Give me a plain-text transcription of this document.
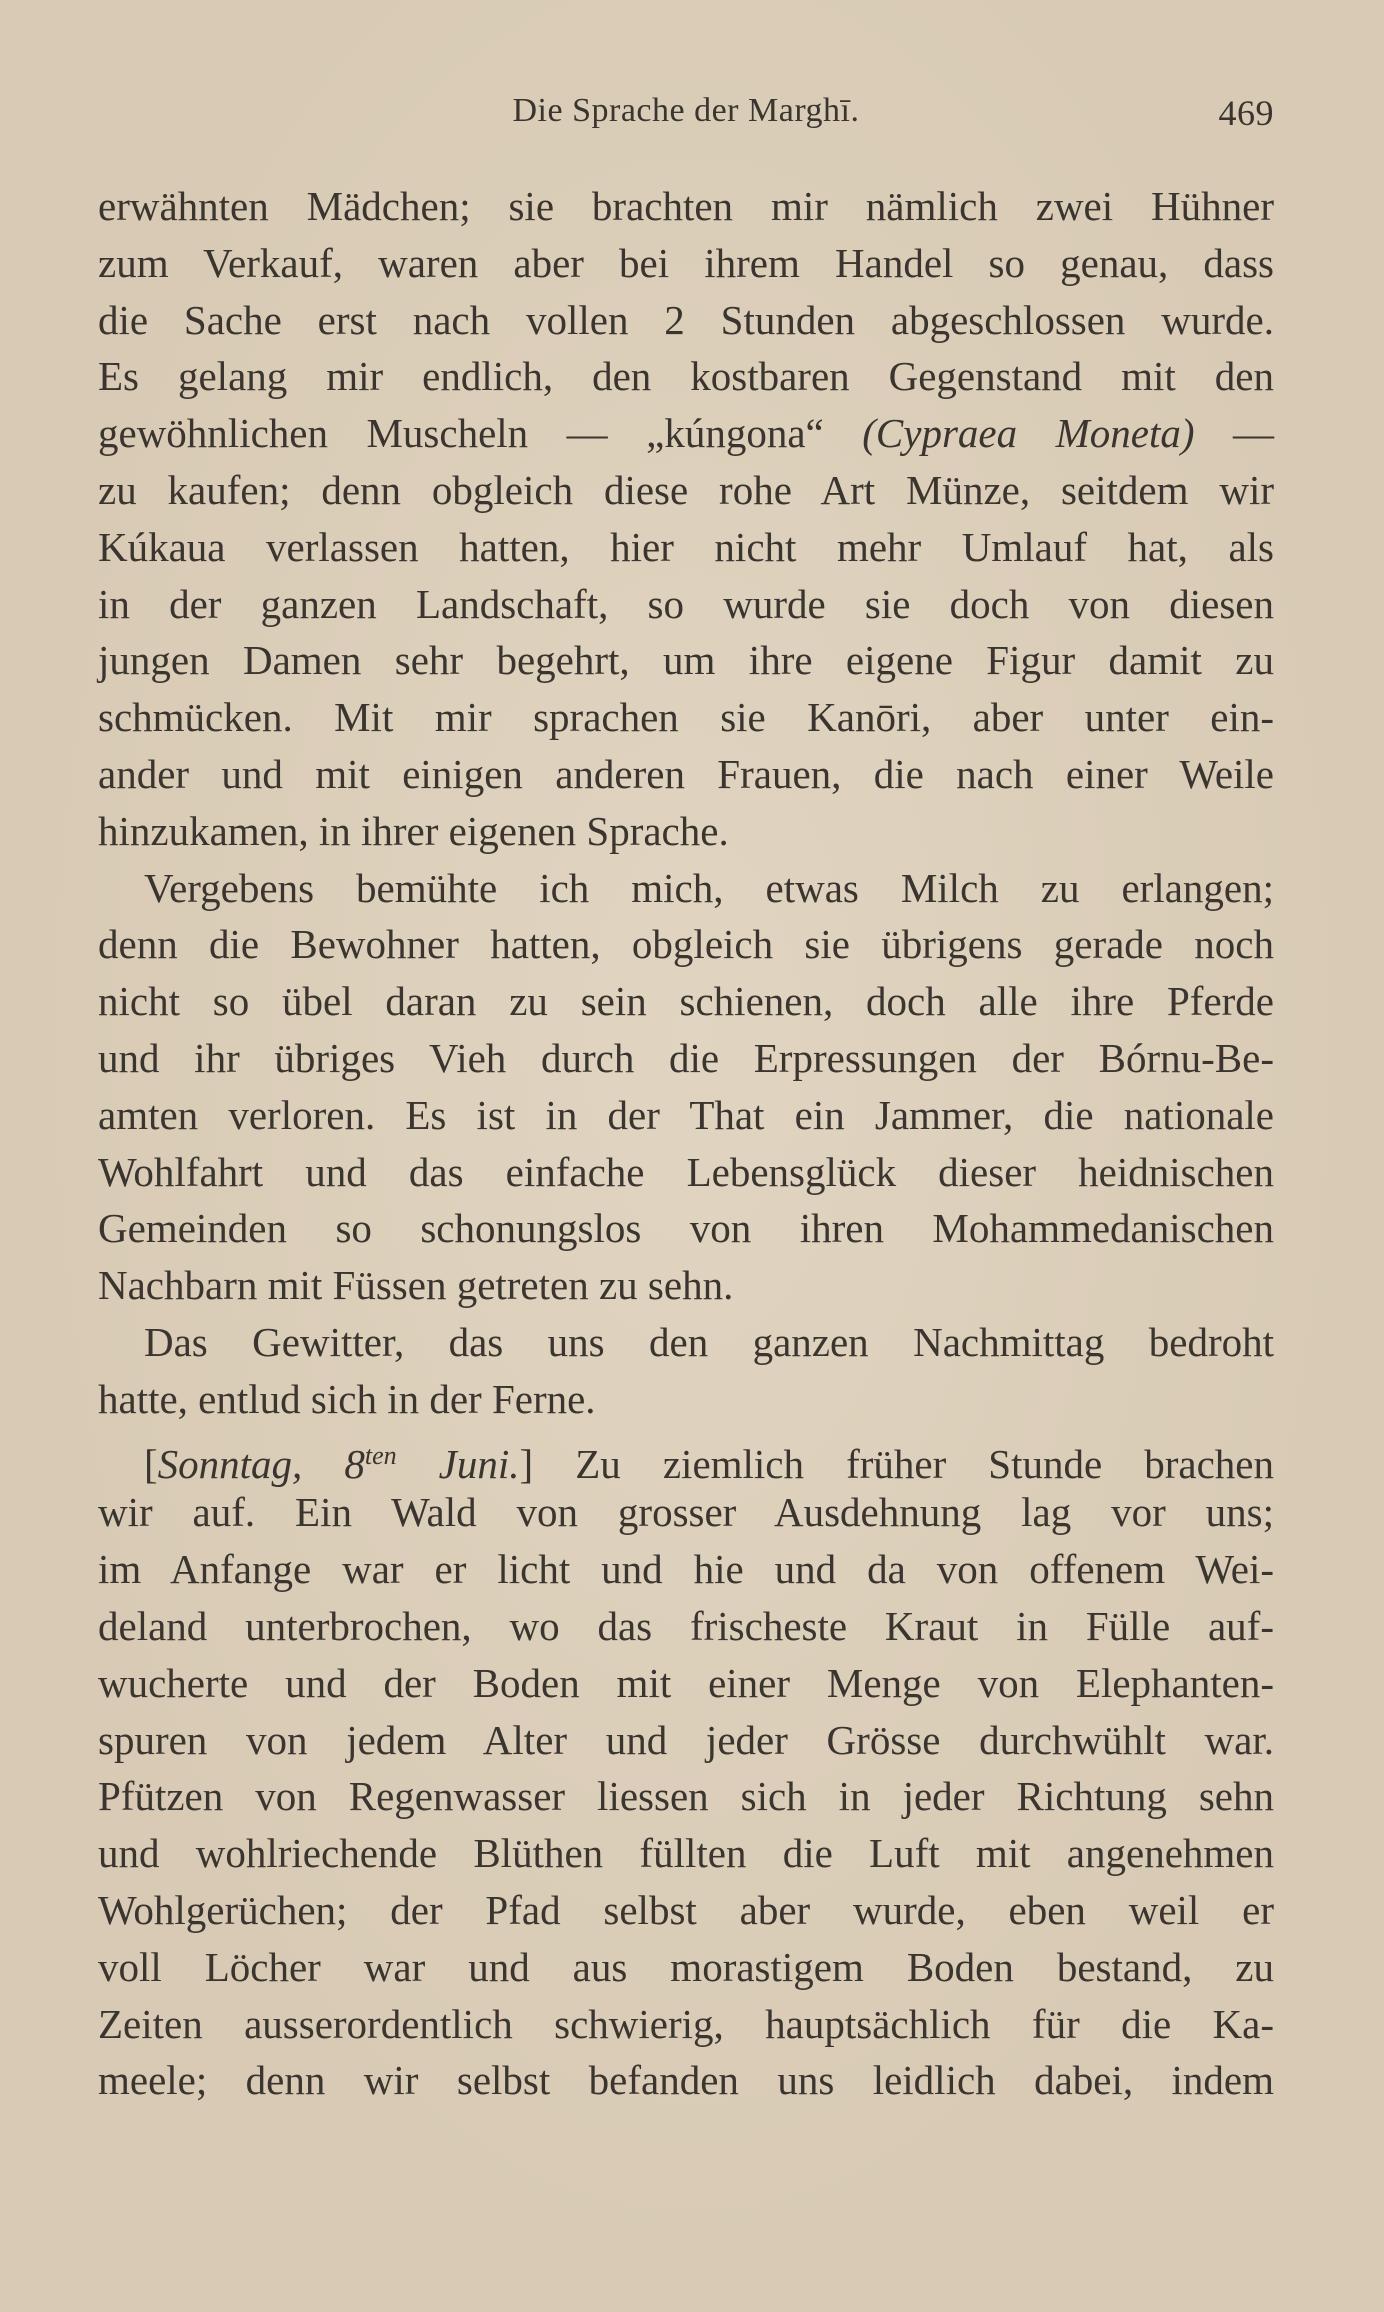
Die Sprache der Marghī.	469
erwähnten Mädchen; sie brachten mir nämlich zwei Hühner
zum Verkauf, waren aber bei ihrem Handel so genau, dass
die Sache erst nach vollen 2 Stunden abgeschlossen wurde.
Es gelang mir endlich, den kostbaren Gegenstand mit den
gewöhnlichen Muscheln — „kúngona“ (Cypraea Moneta) —
zu kaufen; denn obgleich diese rohe Art Münze, seitdem wir
Kúkaua verlassen hatten, hier nicht mehr Umlauf hat, als
in der ganzen Landschaft, so wurde sie doch von diesen
jungen Damen sehr begehrt, um ihre eigene Figur damit zu
schmücken. Mit mir sprachen sie Kanōri, aber unter ein-
ander und mit einigen anderen Frauen, die nach einer Weile
hinzukamen, in ihrer eigenen Sprache.
Vergebens bemühte ich mich, etwas Milch zu erlangen;
denn die Bewohner hatten, obgleich sie übrigens gerade noch
nicht so übel daran zu sein schienen, doch alle ihre Pferde
und ihr übriges Vieh durch die Erpressungen der Bórnu-Be-
amten verloren. Es ist in der That ein Jammer, die nationale
Wohlfahrt und das einfache Lebensglück dieser heidnischen
Gemeinden so schonungslos von ihren Mohammedanischen
Nachbarn mit Füssen getreten zu sehn.
Das Gewitter, das uns den ganzen Nachmittag bedroht
hatte, entlud sich in der Ferne.
[Sonntag, $8^{ten}$ Juni.] Zu ziemlich früher Stunde brachen
wir auf. Ein Wald von grosser Ausdehnung lag vor uns;
im Anfange war er licht und hie und da von offenem Wei-
deland unterbrochen, wo das frischeste Kraut in Fülle auf-
wucherte und der Boden mit einer Menge von Elephanten-
spuren von jedem Alter und jeder Grösse durchwühlt war.
Pfützen von Regenwasser liessen sich in jeder Richtung sehn
und wohlriechende Blüthen füllten die Luft mit angenehmen
Wohlgerüchen; der Pfad selbst aber wurde, eben weil er
voll Löcher war und aus morastigem Boden bestand, zu
Zeiten ausserordentlich schwierig, hauptsächlich für die Ka-
meele; denn wir selbst befanden uns leidlich dabei, indem
